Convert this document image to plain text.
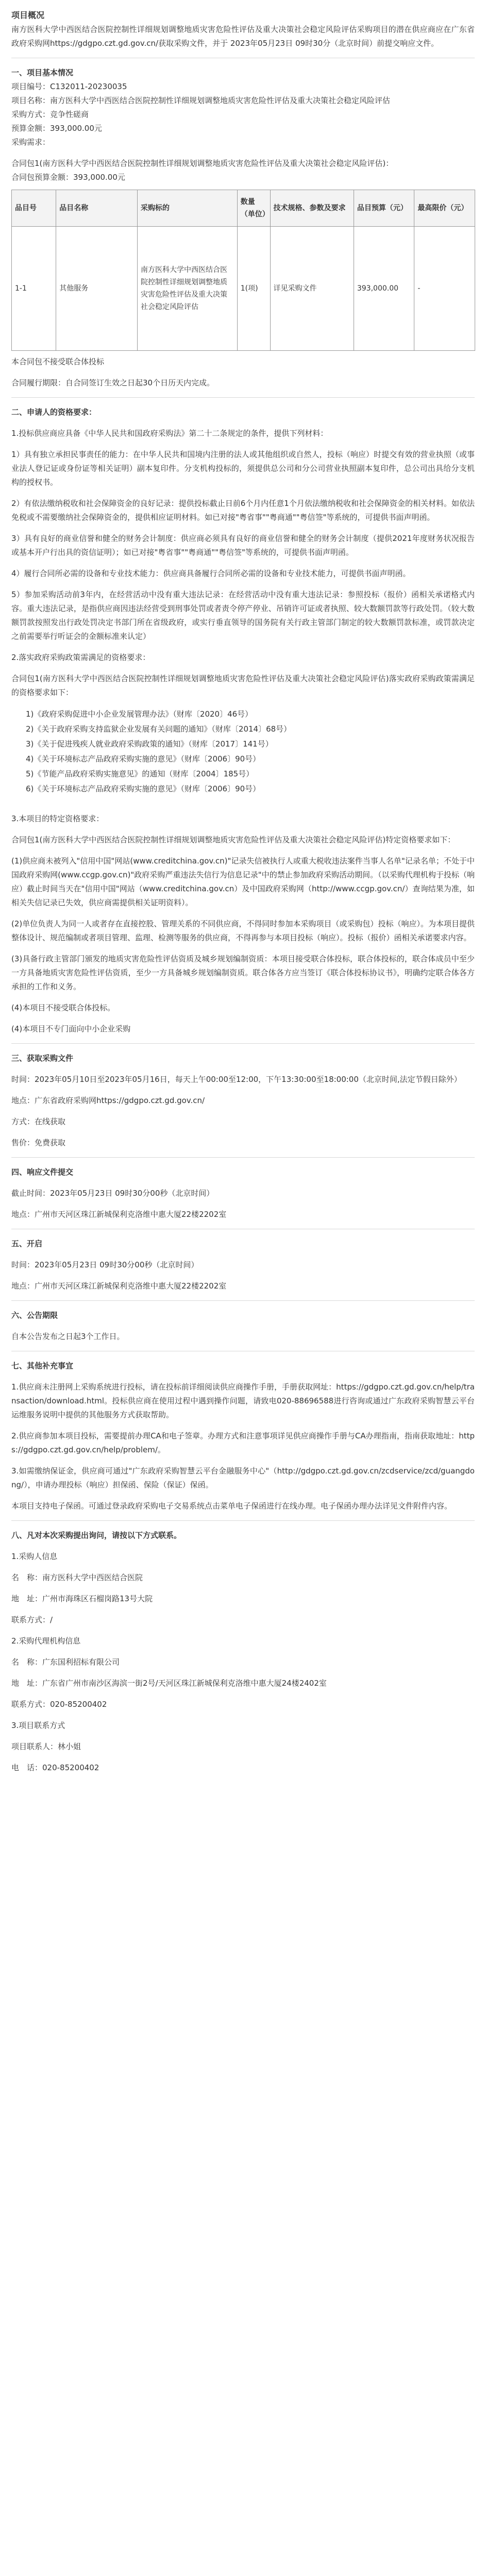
项目概况

南方医科大学中西医结合医院控制性详细规划调整地质灾害危险性评估及重大决策社会稳定风险评估采购项目的潜在供应商应在广东省政府采购网https://gdgpo.czt.gd.gov.cn/获取采购文件，并于 2023年05月23日 09时30分（北京时间）前提交响应文件。

一、项目基本情况

项目编号：C132011-20230035

项目名称：南方医科大学中西医结合医院控制性详细规划调整地质灾害危险性评估及重大决策社会稳定风险评估

采购方式：竞争性磋商

预算金额：393,000.00元

采购需求：

合同包1(南方医科大学中西医结合医院控制性详细规划调整地质灾害危险性评估及重大决策社会稳定风险评估)：

合同包预算金额：393,000.00元

品目号	品目名称	采购标的	数量（单位）	技术规格、参数及要求	品目预算（元）	最高限价（元）
1-1	其他服务	南方医科大学中西医结合医院控制性详细规划调整地质灾害危险性评估及重大决策社会稳定风险评估	1(项)	详见采购文件	393,000.00	-

本合同包不接受联合体投标

合同履行期限：自合同签订生效之日起30个日历天内完成。

二、申请人的资格要求：

1.投标供应商应具备《中华人民共和国政府采购法》第二十二条规定的条件，提供下列材料：

1）具有独立承担民事责任的能力：在中华人民共和国境内注册的法人或其他组织或自然人，投标（响应）时提交有效的营业执照（或事业法人登记证或身份证等相关证明）副本复印件。分支机构投标的，须提供总公司和分公司营业执照副本复印件，总公司出具给分支机构的授权书。

2）有依法缴纳税收和社会保障资金的良好记录：提供投标截止日前6个月内任意1个月依法缴纳税收和社会保障资金的相关材料。如依法免税或不需要缴纳社会保障资金的，提供相应证明材料。如已对接"粤省事""粤商通""粤信签"等系统的，可提供书面声明函。

3）具有良好的商业信誉和健全的财务会计制度：供应商必须具有良好的商业信誉和健全的财务会计制度（提供2021年度财务状况报告或基本开户行出具的资信证明）；如已对接"粤省事""粤商通""粤信签"等系统的，可提供书面声明函。

4）履行合同所必需的设备和专业技术能力：供应商具备履行合同所必需的设备和专业技术能力，可提供书面声明函。

5）参加采购活动前3年内，在经营活动中没有重大违法记录：在经营活动中没有重大违法记录：参照投标（报价）函相关承诺格式内容。重大违法记录，是指供应商因违法经营受到刑事处罚或者责令停产停业、吊销许可证或者执照、较大数额罚款等行政处罚。（较大数额罚款按照发出行政处罚决定书部门所在省级政府，或实行垂直领导的国务院有关行政主管部门制定的较大数额罚款标准，或罚款决定之前需要举行听证会的金额标准来认定）

2.落实政府采购政策需满足的资格要求：

合同包1(南方医科大学中西医结合医院控制性详细规划调整地质灾害危险性评估及重大决策社会稳定风险评估)落实政府采购政策需满足的资格要求如下：

1)《政府采购促进中小企业发展管理办法》（财库〔2020〕46号）

2)《关于政府采购支持监狱企业发展有关问题的通知》（财库〔2014〕68号）

3)《关于促进残疾人就业政府采购政策的通知》（财库〔2017〕141号）

4)《关于环境标志产品政府采购实施的意见》（财库〔2006〕90号）

5)《节能产品政府采购实施意见》的通知（财库〔2004〕185号）

6)《关于环境标志产品政府采购实施的意见》（财库〔2006〕90号）

3.本项目的特定资格要求：

合同包1(南方医科大学中西医结合医院控制性详细规划调整地质灾害危险性评估及重大决策社会稳定风险评估)特定资格要求如下：

(1)供应商未被列入"信用中国"网站(www.creditchina.gov.cn)"记录失信被执行人或重大税收违法案件当事人名单"记录名单；不处于中国政府采购网(www.ccgp.gov.cn)"政府采购严重违法失信行为信息记录"中的禁止参加政府采购活动期间。（以采购代理机构于投标（响应）截止时间当天在"信用中国"网站（www.creditchina.gov.cn）及中国政府采购网（http://www.ccgp.gov.cn/）查询结果为准，如相关失信记录已失效，供应商需提供相关证明资料）。

(2)单位负责人为同一人或者存在直接控股、管理关系的不同供应商，不得同时参加本采购项目（或采购包）投标（响应）。为本项目提供整体设计、规范编制或者项目管理、监理、检测等服务的供应商，不得再参与本项目投标（响应）。投标（报价）函相关承诺要求内容。

(3)具备行政主管部门颁发的地质灾害危险性评估资质及城乡规划编制资质：本项目接受联合体投标，联合体投标的，联合体成员中至少一方具备地质灾害危险性评估资质，至少一方具备城乡规划编制资质。联合体各方应当签订《联合体投标协议书》，明确约定联合体各方承担的工作和义务。

(4)本项目不接受联合体投标。

(4)本项目不专门面向中小企业采购

三、获取采购文件

时间：2023年05月10日至2023年05月16日，每天上午00:00至12:00，下午13:30:00至18:00:00（北京时间,法定节假日除外）

地点：广东省政府采购网https://gdgpo.czt.gd.gov.cn/

方式：在线获取

售价：免费获取

四、响应文件提交

截止时间：2023年05月23日 09时30分00秒（北京时间）

地点：广州市天河区珠江新城保利克洛维中惠大厦22楼2202室

五、开启

时间：2023年05月23日 09时30分00秒（北京时间）

地点：广州市天河区珠江新城保利克洛维中惠大厦22楼2202室

六、公告期限

自本公告发布之日起3个工作日。

七、其他补充事宜

1.供应商未注册网上采购系统进行投标，请在投标前详细阅读供应商操作手册，手册获取网址：https://gdgpo.czt.gd.gov.cn/help/transaction/download.html。投标供应商在使用过程中遇到操作问题，请致电020-88696588进行咨询或通过广东政府采购智慧云平台运维服务说明中提供的其他服务方式获取帮助。

2.供应商参加本项目投标，需要提前办理CA和电子签章。办理方式和注意事项详见供应商操作手册与CA办理指南，指南获取地址：https://gdgpo.czt.gd.gov.cn/help/problem/。

3.如需缴纳保证金，供应商可通过"广东政府采购智慧云平台金融服务中心"（http://gdgpo.czt.gd.gov.cn/zcdservice/zcd/guangdong/），申请办理投标（响应）担保函、保险（保证）保函。

本项目支持电子保函。可通过登录政府采购电子交易系统点击菜单电子保函进行在线办理。电子保函办理办法详见文件附件内容。

八、凡对本次采购提出询问，请按以下方式联系。

1.采购人信息

名　称：南方医科大学中西医结合医院

地　址：广州市海珠区石榴岗路13号大院

联系方式：/

2.采购代理机构信息

名　称：广东国利招标有限公司

地　址：广东省广州市南沙区海滨一街2号/天河区珠江新城保利克洛维中惠大厦24楼2402室

联系方式：020-85200402

3.项目联系方式

项目联系人：林小姐

电　话：020-85200402
